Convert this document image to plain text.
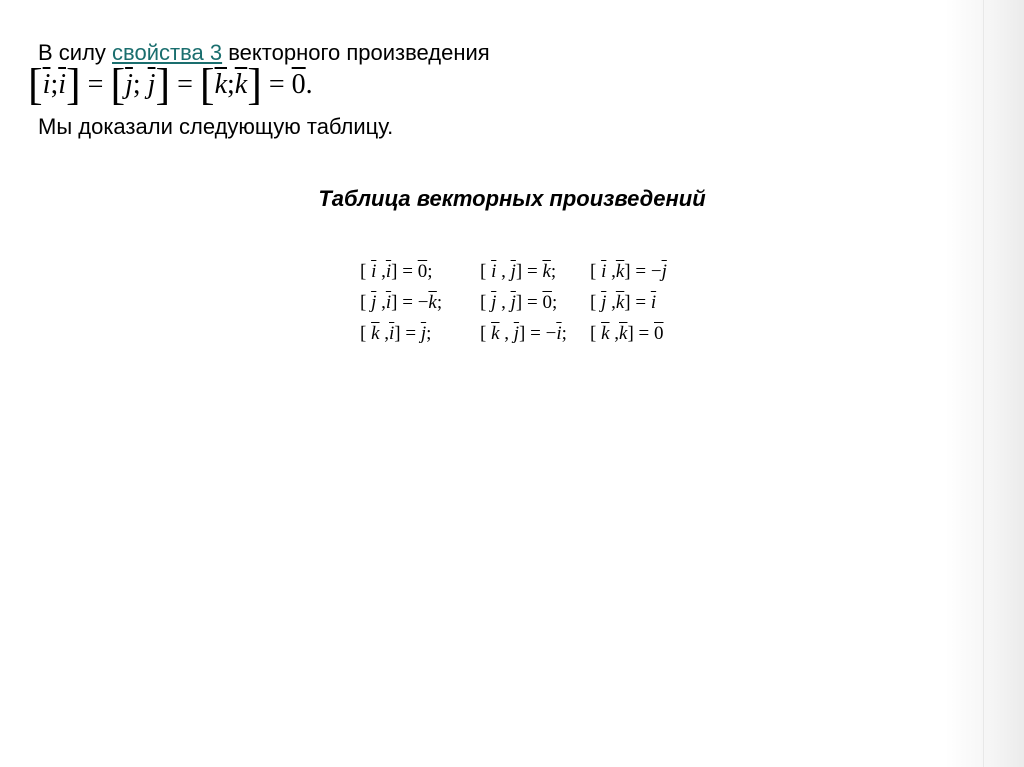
В силу свойства 3 векторного произведения
$[\overline{i};\overline{i}] = [\overline{j}$; $\overline{j}$] = $[\overline{k};\overline{k}] = 0$.
Мы доказали следующую таблицу.
Таблица векторных произведений
[ $\overline{i}$ $,\overline{i}] = 0$;	[ $\overline{i}$ , $\overline{j}] = \overline{k}$;	[ $\overline{i}$ $,\overline{k}] = -\overline{j}$
[ $\overline{j}$ $,\overline{i}] = -\overline{k}$;	[ $\overline{j}$ , $\overline{j}] = 0$;	[ $\overline{j}$ $,\overline{k}] = \overline{i}$
[ $\overline{k}$ $,\overline{i}] = \overline{j}$;	[ $\overline{k}$ , $\overline{j}] = -\overline{i}$;	[ $\overline{k}$ $,\overline{k}] = 0$
